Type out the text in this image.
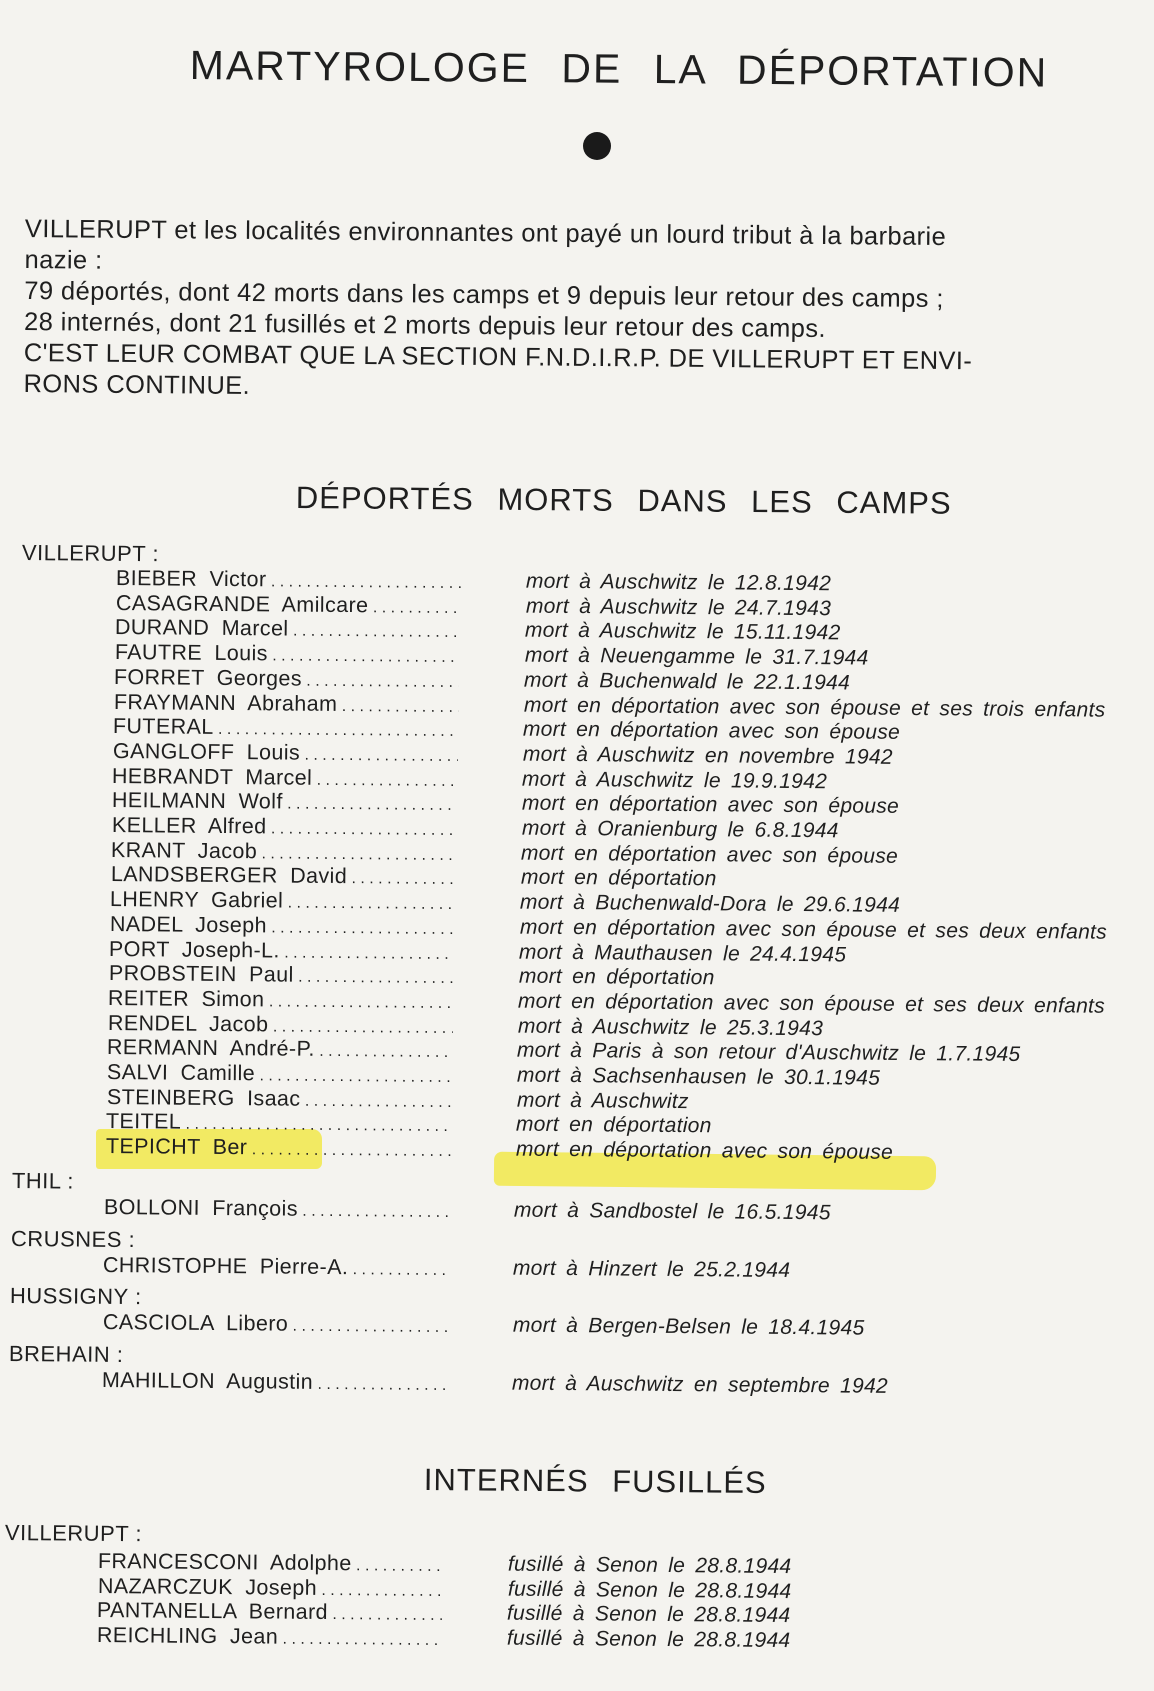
MARTYROLOGE DE LA DÉPORTATION
VILLERUPT et les localités environnantes ont payé un lourd tribut à la barbarie
nazie :
79 déportés, dont 42 morts dans les camps et 9 depuis leur retour des camps ;
28 internés, dont 21 fusillés et 2 morts depuis leur retour des camps.
C'EST LEUR COMBAT QUE LA SECTION F.N.D.I.R.P. DE VILLERUPT ET ENVI-
RONS CONTINUE.
DÉPORTÉS MORTS DANS LES CAMPS
VILLERUPT :
BIEBER Victor . . .	mort à Auschwitz le 12.8.1942
CASAGRANDE Amilcare . . .	mort à Auschwitz le 24.7.1943
DURAND Marcel . . .	mort à Auschwitz le 15.11.1942
FAUTRE Louis . . .	mort à Neuengamme le 31.7.1944
FORRET Georges . . .	mort à Buchenwald le 22.1.1944
FRAYMANN Abraham . . .	mort en déportation avec son épouse et ses trois enfants
FUTERAL . . .	mort en déportation avec son épouse
GANGLOFF Louis . . .	mort à Auschwitz en novembre 1942
HEBRANDT Marcel . . .	mort à Auschwitz le 19.9.1942
HEILMANN Wolf . . .	mort en déportation avec son épouse
KELLER Alfred . . .	mort à Oranienburg le 6.8.1944
KRANT Jacob . . .	mort en déportation avec son épouse
LANDSBERGER David . . .	mort en déportation
LHENRY Gabriel . . .	mort à Buchenwald-Dora le 29.6.1944
NADEL Joseph . . .	mort en déportation avec son épouse et ses deux enfants
PORT Joseph-L. . . .	mort à Mauthausen le 24.4.1945
PROBSTEIN Paul . . .	mort en déportation
REITER Simon . . .	mort en déportation avec son épouse et ses deux enfants
RENDEL Jacob . . .	mort à Auschwitz le 25.3.1943
RERMANN André-P. . . .	mort à Paris à son retour d'Auschwitz le 1.7.1945
SALVI Camille . . .	mort à Sachsenhausen le 30.1.1945
STEINBERG Isaac . . .	mort à Auschwitz
TEITEL . . .	mort en déportation
TEPICHT Ber . . .	mort en déportation avec son épouse
THIL :
BOLLONI François . . .	mort à Sandbostel le 16.5.1945
CRUSNES :
CHRISTOPHE Pierre-A. . . .	mort à Hinzert le 25.2.1944
HUSSIGNY :
CASCIOLA Libero . . .	mort à Bergen-Belsen le 18.4.1945
BREHAIN :
MAHILLON Augustin . . .	mort à Auschwitz en septembre 1942
INTERNÉS FUSILLÉS
VILLERUPT :
FRANCESCONI Adolphe . . .	fusillé à Senon le 28.8.1944
NAZARCZUK Joseph . . .	fusillé à Senon le 28.8.1944
PANTANELLA Bernard . . .	fusillé à Senon le 28.8.1944
REICHLING Jean . . .	fusillé à Senon le 28.8.1944
